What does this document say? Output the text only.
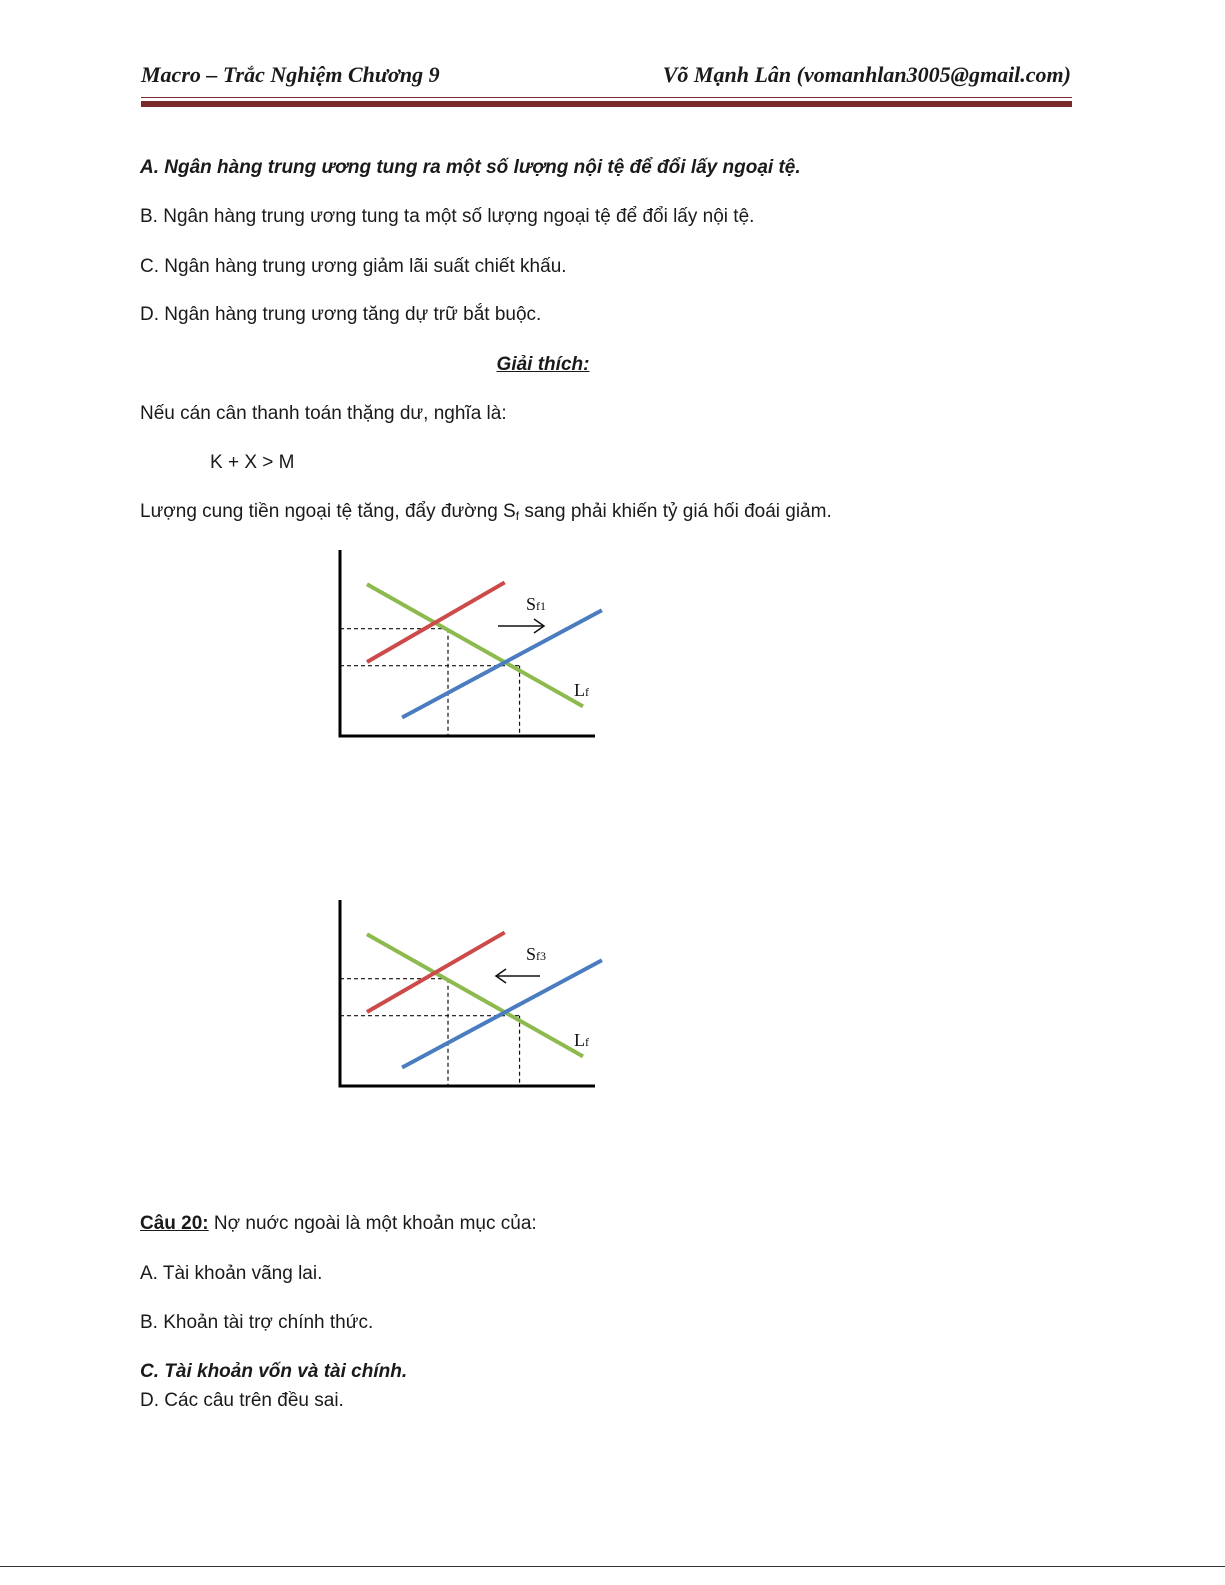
Macro – Trắc Nghiệm Chương 9	Võ Mạnh Lân (vomanhlan3005@gmail.com)
A. Ngân hàng trung ương tung ra một số lượng nội tệ để đổi lấy ngoại tệ.
B. Ngân hàng trung ương tung ta một số lượng ngoại tệ để đổi lấy nội tệ.
C. Ngân hàng trung ương giảm lãi suất chiết khấu.
D. Ngân hàng trung ương tăng dự trữ bắt buộc.
Giải thích:
Nếu cán cân thanh toán thặng dư, nghĩa là:
K + X > M
Lượng cung tiền ngoại tệ tăng, đẩy đường $S_f$ sang phải khiến tỷ giá hối đoái giảm.
Lf
Sf1
Lf
Sf3
Câu 20: Nợ nuớc ngoài là một khoản mục của:
A. Tài khoản vãng lai.
B. Khoản tài trợ chính thức.
C. Tài khoản vốn và tài chính.
D. Các câu trên đều sai.
